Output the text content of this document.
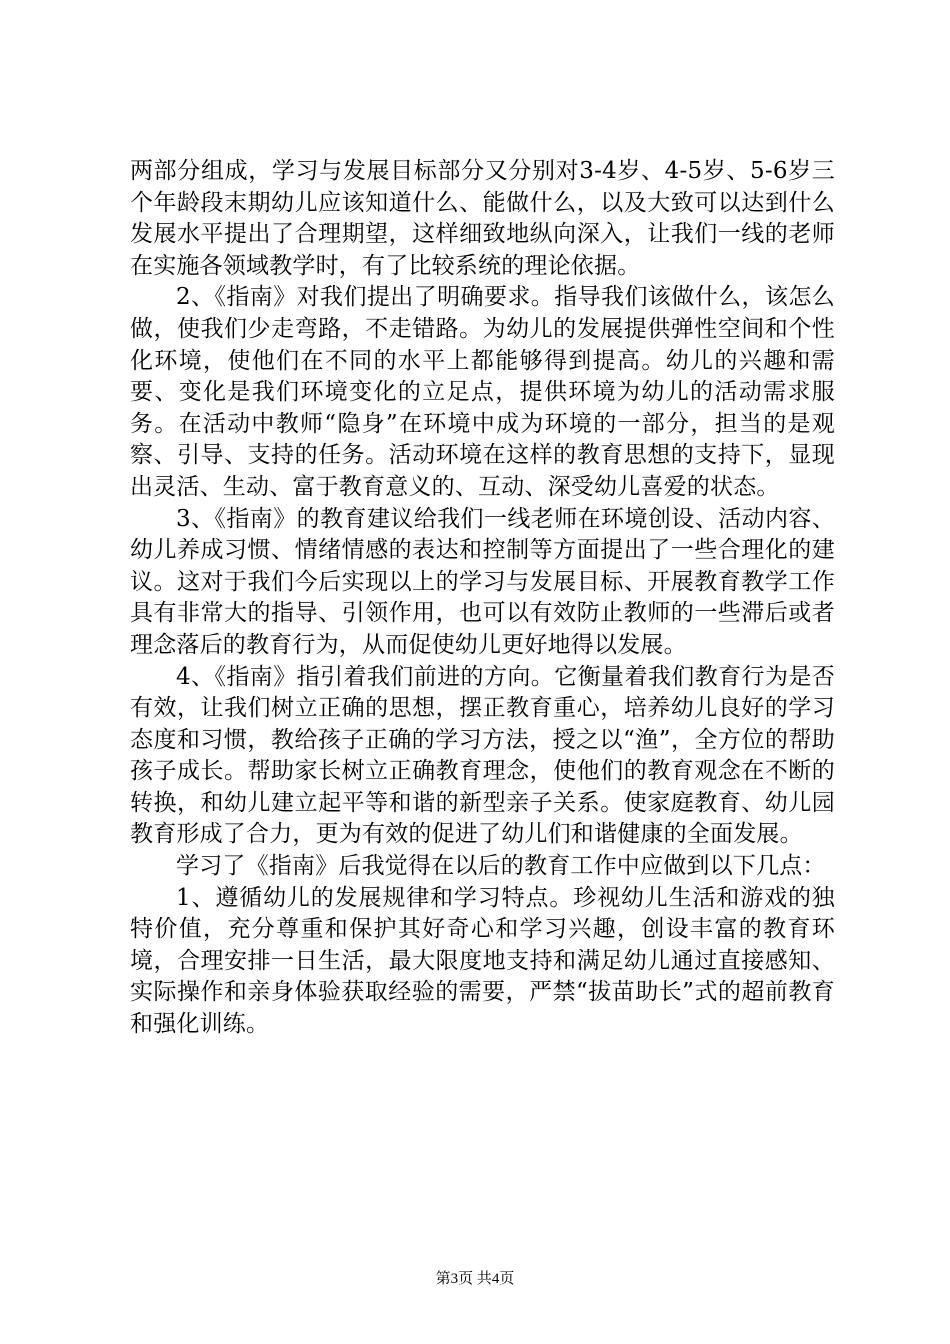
两部分组成，学习与发展目标部分又分别对3-4岁、4-5岁、5-6岁三个年龄段末期幼儿应该知道什么、能做什么，以及大致可以达到什么发展水平提出了合理期望，这样细致地纵向深入，让我们一线的老师在实施各领域教学时，有了比较系统的理论依据。

2、《指南》对我们提出了明确要求。指导我们该做什么，该怎么做，使我们少走弯路，不走错路。为幼儿的发展提供弹性空间和个性化环境，使他们在不同的水平上都能够得到提高。幼儿的兴趣和需要、变化是我们环境变化的立足点，提供环境为幼儿的活动需求服务。在活动中教师“隐身”在环境中成为环境的一部分，担当的是观察、引导、支持的任务。活动环境在这样的教育思想的支持下，显现出灵活、生动、富于教育意义的、互动、深受幼儿喜爱的状态。

3、《指南》的教育建议给我们一线老师在环境创设、活动内容、幼儿养成习惯、情绪情感的表达和控制等方面提出了一些合理化的建议。这对于我们今后实现以上的学习与发展目标、开展教育教学工作具有非常大的指导、引领作用，也可以有效防止教师的一些滞后或者理念落后的教育行为，从而促使幼儿更好地得以发展。

4、《指南》指引着我们前进的方向。它衡量着我们教育行为是否有效，让我们树立正确的思想，摆正教育重心，培养幼儿良好的学习态度和习惯，教给孩子正确的学习方法，授之以“渔”，全方位的帮助孩子成长。帮助家长树立正确教育理念，使他们的教育观念在不断的转换，和幼儿建立起平等和谐的新型亲子关系。使家庭教育、幼儿园教育形成了合力，更为有效的促进了幼儿们和谐健康的全面发展。

学习了《指南》后我觉得在以后的教育工作中应做到以下几点：

1、遵循幼儿的发展规律和学习特点。珍视幼儿生活和游戏的独特价值，充分尊重和保护其好奇心和学习兴趣，创设丰富的教育环境，合理安排一日生活，最大限度地支持和满足幼儿通过直接感知、实际操作和亲身体验获取经验的需要，严禁“拔苗助长”式的超前教育和强化训练。

第3页 共4页
